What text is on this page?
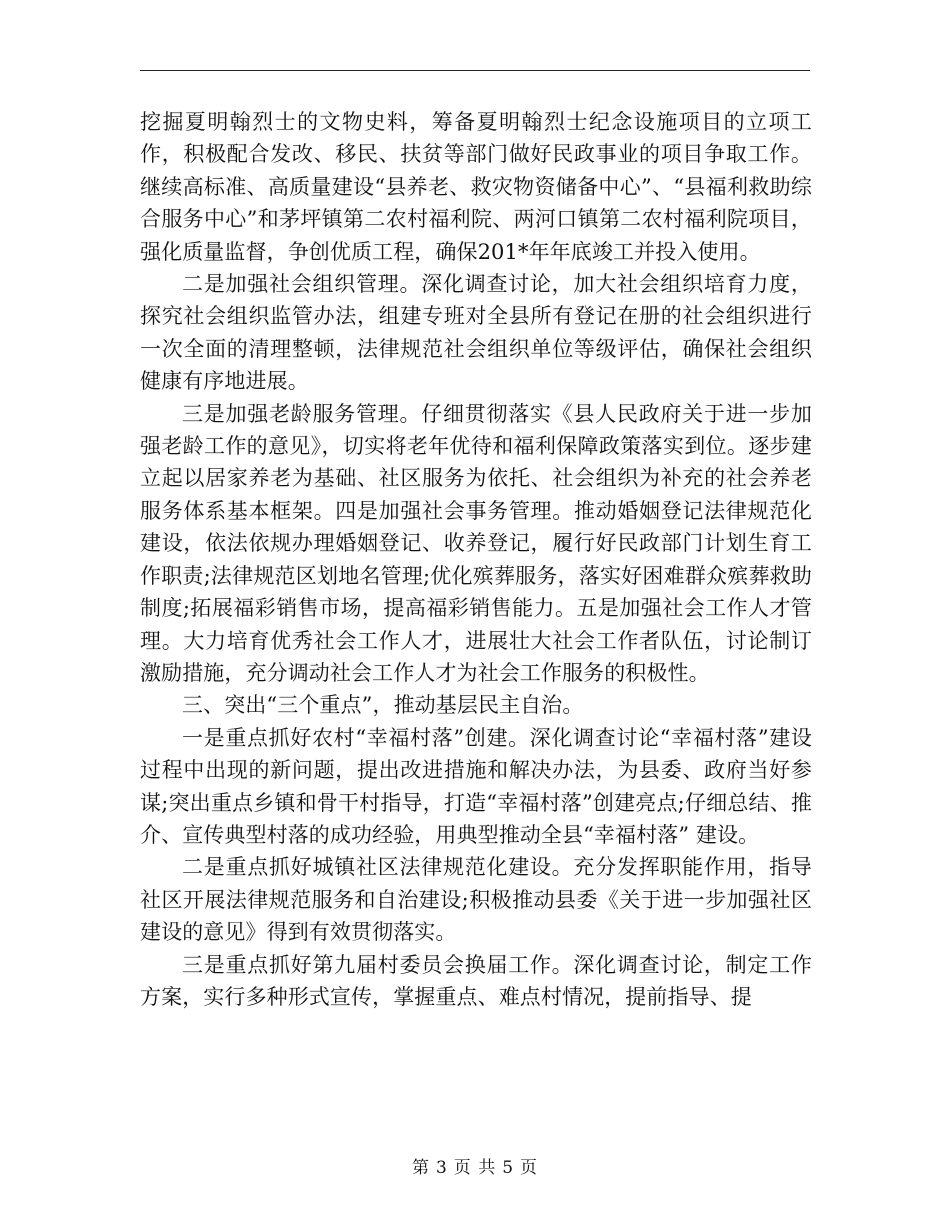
挖掘夏明翰烈士的文物史料，筹备夏明翰烈士纪念设施项目的立项工作，积极配合发改、移民、扶贫等部门做好民政事业的项目争取工作。继续高标准、高质量建设“县养老、救灾物资储备中心”、“县福利救助综合服务中心”和茅坪镇第二农村福利院、两河口镇第二农村福利院项目，强化质量监督，争创优质工程，确保201*年年底竣工并投入使用。

二是加强社会组织管理。深化调查讨论，加大社会组织培育力度，探究社会组织监管办法，组建专班对全县所有登记在册的社会组织进行一次全面的清理整顿，法律规范社会组织单位等级评估，确保社会组织健康有序地进展。

三是加强老龄服务管理。仔细贯彻落实《县人民政府关于进一步加强老龄工作的意见》，切实将老年优待和福利保障政策落实到位。逐步建立起以居家养老为基础、社区服务为依托、社会组织为补充的社会养老服务体系基本框架。四是加强社会事务管理。推动婚姻登记法律规范化建设，依法依规办理婚姻登记、收养登记，履行好民政部门计划生育工作职责;法律规范区划地名管理;优化殡葬服务，落实好困难群众殡葬救助制度;拓展福彩销售市场，提高福彩销售能力。五是加强社会工作人才管理。大力培育优秀社会工作人才，进展壮大社会工作者队伍，讨论制订激励措施，充分调动社会工作人才为社会工作服务的积极性。

三、突出“三个重点”，推动基层民主自治。

一是重点抓好农村“幸福村落”创建。深化调查讨论“幸福村落”建设过程中出现的新问题，提出改进措施和解决办法，为县委、政府当好参谋;突出重点乡镇和骨干村指导，打造“幸福村落”创建亮点;仔细总结、推介、宣传典型村落的成功经验，用典型推动全县“幸福村落” 建设。

二是重点抓好城镇社区法律规范化建设。充分发挥职能作用，指导社区开展法律规范服务和自治建设;积极推动县委《关于进一步加强社区建设的意见》得到有效贯彻落实。

三是重点抓好第九届村委员会换届工作。深化调查讨论，制定工作方案，实行多种形式宣传，掌握重点、难点村情况，提前指导、提

第 3 页 共 5 页
